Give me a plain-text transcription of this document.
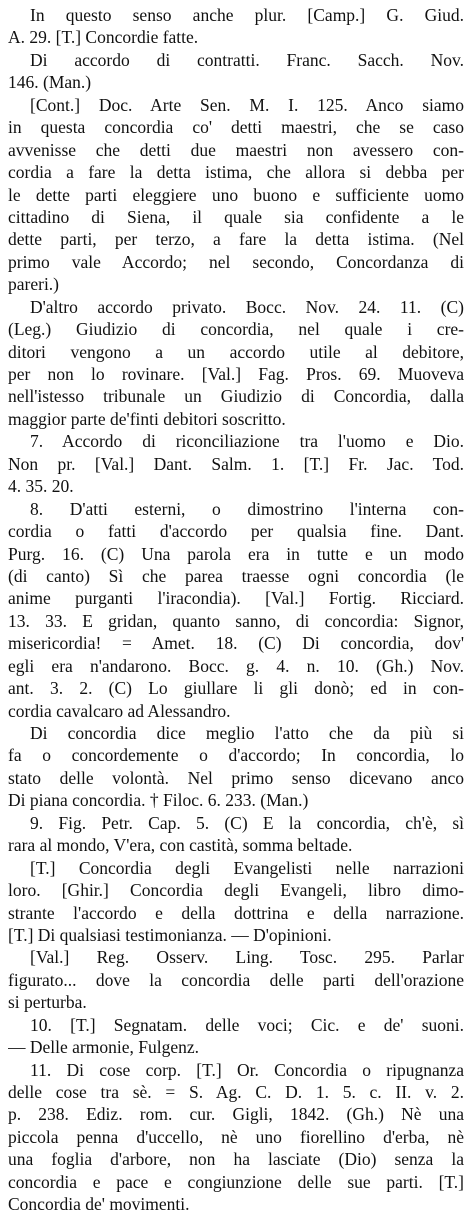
In questo senso anche plur. [Camp.] G. Giud.
A. 29. [T.] Concordie fatte.
Di accordo di contratti. Franc. Sacch. Nov.
146. (Man.)
[Cont.] Doc. Arte Sen. M. I. 125. Anco siamo
in questa concordia co' detti maestri, che se caso
avvenisse che detti due maestri non avessero con-
cordia a fare la detta istima, che allora si debba per
le dette parti eleggiere uno buono e sufficiente uomo
cittadino di Siena, il quale sia confidente a le
dette parti, per terzo, a fare la detta istima. (Nel
primo vale Accordo; nel secondo, Concordanza di
pareri.)
D'altro accordo privato. Bocc. Nov. 24. 11. (C)
(Leg.) Giudizio di concordia, nel quale i cre-
ditori vengono a un accordo utile al debitore,
per non lo rovinare. [Val.] Fag. Pros. 69. Muoveva
nell'istesso tribunale un Giudizio di Concordia, dalla
maggior parte de'finti debitori soscritto.
7. Accordo di riconciliazione tra l'uomo e Dio.
Non pr. [Val.] Dant. Salm. 1. [T.] Fr. Jac. Tod.
4. 35. 20.
8. D'atti esterni, o dimostrino l'interna con-
cordia o fatti d'accordo per qualsia fine. Dant.
Purg. 16. (C) Una parola era in tutte e un modo
(di canto) Sì che parea traesse ogni concordia (le
anime purganti l'iracondia). [Val.] Fortig. Ricciard.
13. 33. E gridan, quanto sanno, di concordia: Signor,
misericordia! = Amet. 18. (C) Di concordia, dov'
egli era n'andarono. Bocc. g. 4. n. 10. (Gh.) Nov.
ant. 3. 2. (C) Lo giullare li gli donò; ed in con-
cordia cavalcaro ad Alessandro.
Di concordia dice meglio l'atto che da più si
fa o concordemente o d'accordo; In concordia, lo
stato delle volontà. Nel primo senso dicevano anco
Di piana concordia. † Filoc. 6. 233. (Man.)
9. Fig. Petr. Cap. 5. (C) E la concordia, ch'è, sì
rara al mondo, V'era, con castità, somma beltade.
[T.] Concordia degli Evangelisti nelle narrazioni
loro. [Ghir.] Concordia degli Evangeli, libro dimo-
strante l'accordo e della dottrina e della narrazione.
[T.] Di qualsiasi testimonianza. — D'opinioni.
[Val.] Reg. Osserv. Ling. Tosc. 295. Parlar
figurato... dove la concordia delle parti dell'orazione
si perturba.
10. [T.] Segnatam. delle voci; Cic. e de' suoni.
— Delle armonie, Fulgenz.
11. Di cose corp. [T.] Or. Concordia o ripugnanza
delle cose tra sè. = S. Ag. C. D. 1. 5. c. II. v. 2.
p. 238. Ediz. rom. cur. Gigli, 1842. (Gh.) Nè una
piccola penna d'uccello, nè uno fiorellino d'erba, nè
una foglia d'arbore, non ha lasciate (Dio) senza la
concordia e pace e congiunzione delle sue parti. [T.]
Concordia de' movimenti.
